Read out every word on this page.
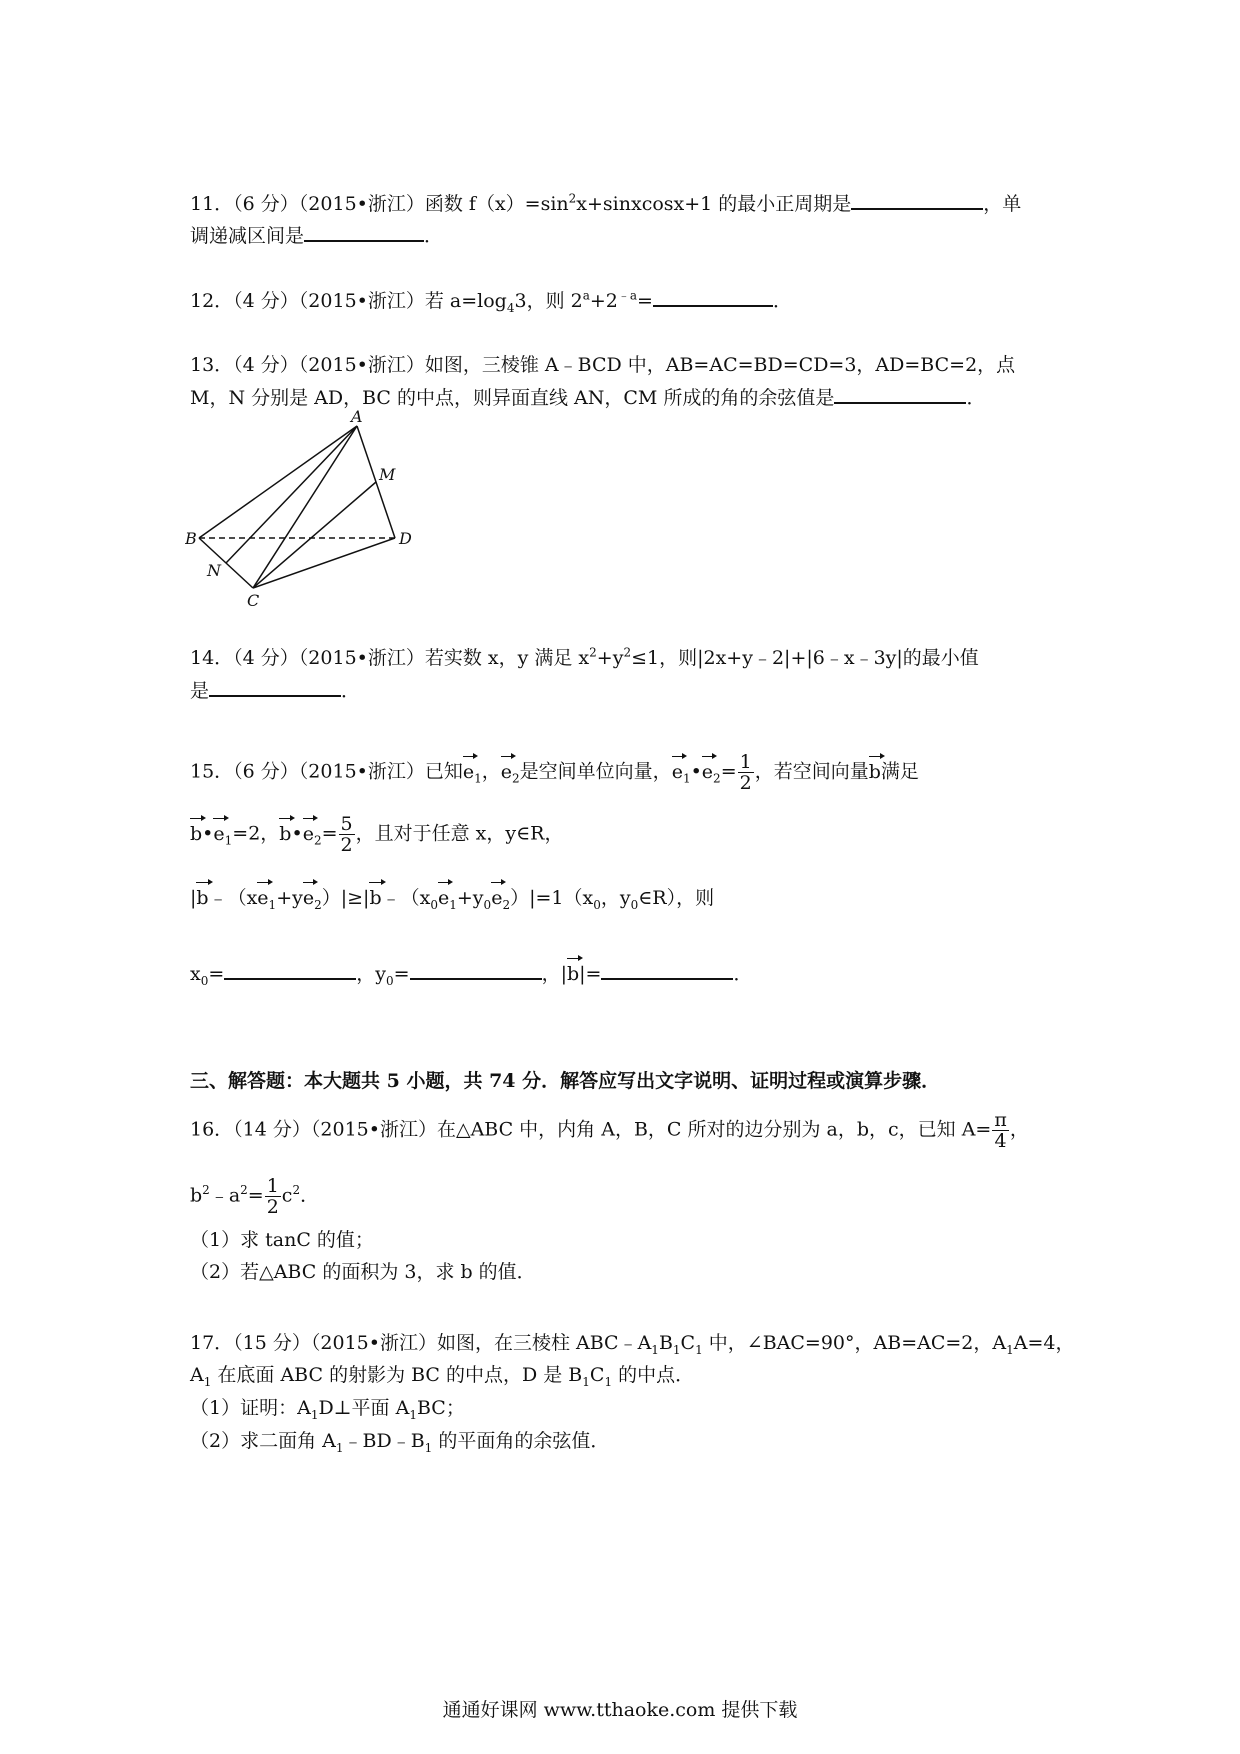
11．（6 分）（2015•浙江）函数 $f(x)=\sin^2x+sinxcosx+1$ 的最小正周期是	，单
调递减区间是	．
12．（4 分）（2015•浙江）若 $a=\log_43$，则 $2^a+2^{﹣a}=$	．
13．（4 分）（2015•浙江）如图，三棱锥 A﹣BCD 中，AB=AC=BD=CD=3，AD=BC=2，点
M，N 分别是 AD，BC 的中点，则异面直线 AN，CM 所成的角的余弦值是	．
A
B
C
D
M
N
14．（4 分）（2015•浙江）若实数 x，y 满足 $x^2+y^2\le 1$，则|2x+y﹣2|+|6﹣x﹣3y|的最小值
是	．
15．（6 分）（2015•浙江）已知$e_1$，$e_2$是空间单位向量，$e_1•e_2= \frac{1}{2}$ ，若空间向量b满足
$b•e_1=2$，$b•e_2= \frac{5}{2}$ ，且对于任意 x，y∈R，
$|b﹣(xe_1+ye_2)|\ge|b﹣(x_0e_1+y_0e_2)|=1(x_0$，$y_0\in R$），则
$x_0=$	，$y_0=$	，|b|=	．
三、解答题：本大题共 5 小题，共 74 分．解答应写出文字说明、证明过程或演算步骤．
16．（14 分）（2015•浙江）在△ABC 中，内角 A，B，C 所对的边分别为 a，b，c，已知 $A= \frac{\pi}{4}$ ，
$b^2﹣a^2= \frac{1}{2} c^2$．
（1）求 tanC 的值；
（2）若△ABC 的面积为 3，求 b 的值．
17．（15 分）（2015•浙江）如图，在三棱柱 $ABC﹣A_1B_1C_1$ 中，∠BAC=90°，AB=AC=2，$A_1A=4$，
$A_1$ 在底面 ABC 的射影为 BC 的中点，D 是 $B_1C_1$ 的中点．
（1）证明：$A_1D\perp$平面 $A_1BC$；
（2）求二面角 $A_1﹣BD﹣B_1$ 的平面角的余弦值．
通通好课网 www.tthaoke.com 提供下载
